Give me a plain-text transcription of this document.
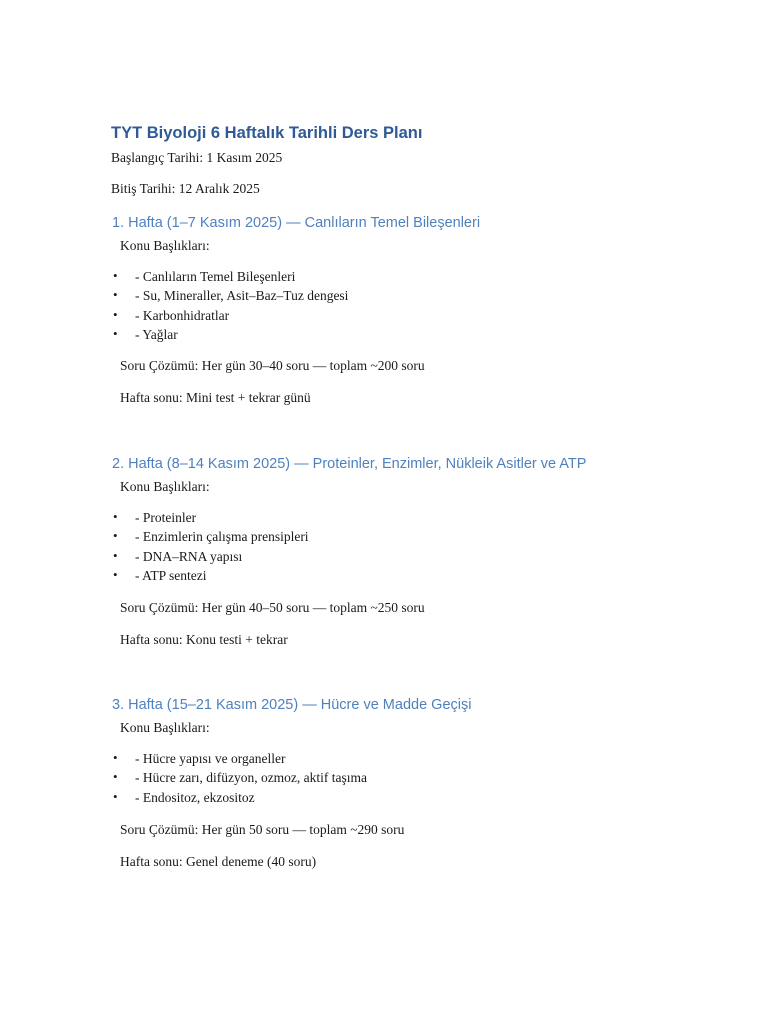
TYT Biyoloji 6 Haftalık Tarihli Ders Planı
Başlangıç Tarihi: 1 Kasım 2025
Bitiş Tarihi: 12 Aralık 2025
1. Hafta (1–7 Kasım 2025) — Canlıların Temel Bileşenleri
Konu Başlıkları:
• - Canlıların Temel Bileşenleri
• - Su, Mineraller, Asit–Baz–Tuz dengesi
• - Karbonhidratlar
• - Yağlar
Soru Çözümü: Her gün 30–40 soru — toplam ~200 soru
Hafta sonu: Mini test + tekrar günü
2. Hafta (8–14 Kasım 2025) — Proteinler, Enzimler, Nükleik Asitler ve ATP
Konu Başlıkları:
• - Proteinler
• - Enzimlerin çalışma prensipleri
• - DNA–RNA yapısı
• - ATP sentezi
Soru Çözümü: Her gün 40–50 soru — toplam ~250 soru
Hafta sonu: Konu testi + tekrar
3. Hafta (15–21 Kasım 2025) — Hücre ve Madde Geçişi
Konu Başlıkları:
• - Hücre yapısı ve organeller
• - Hücre zarı, difüzyon, ozmoz, aktif taşıma
• - Endositoz, ekzositoz
Soru Çözümü: Her gün 50 soru — toplam ~290 soru
Hafta sonu: Genel deneme (40 soru)
